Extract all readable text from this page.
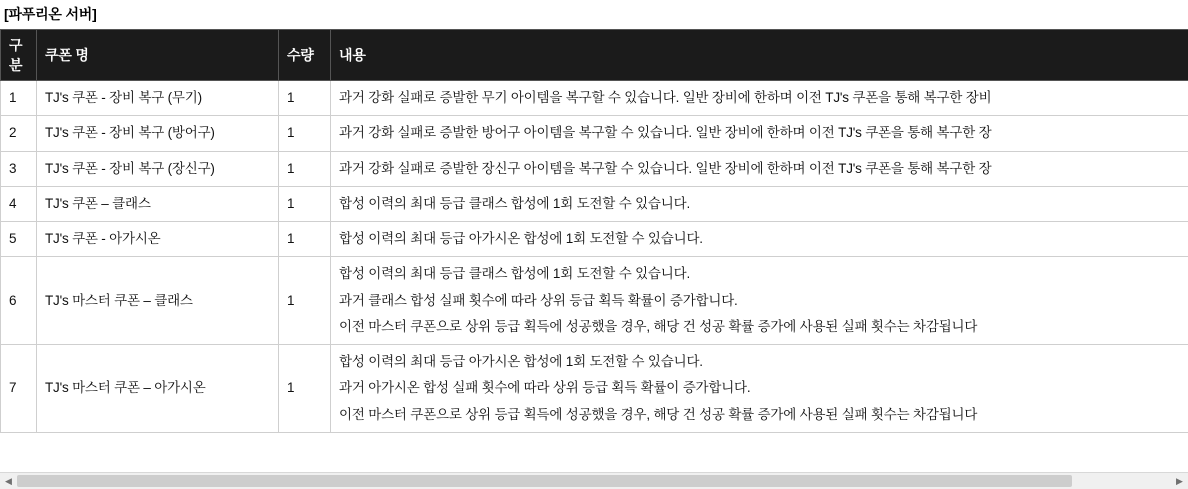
[파푸리온 서버]
구분	쿠폰 명	수량	내용
1	TJ's 쿠폰 - 장비 복구 (무기)	1	과거 강화 실패로 증발한 무기 아이템을 복구할 수 있습니다. 일반 장비에 한하며 이전 TJ's 쿠폰을 통해 복구한 장비

2	TJ's 쿠폰 - 장비 복구 (방어구)	1	과거 강화 실패로 증발한 방어구 아이템을 복구할 수 있습니다. 일반 장비에 한하며 이전 TJ's 쿠폰을 통해 복구한 장

3	TJ's 쿠폰 - 장비 복구 (장신구)	1	과거 강화 실패로 증발한 장신구 아이템을 복구할 수 있습니다. 일반 장비에 한하며 이전 TJ's 쿠폰을 통해 복구한 장

4	TJ's 쿠폰 – 클래스	1	합성 이력의 최대 등급 클래스 합성에 1회 도전할 수 있습니다.

5	TJ's 쿠폰 - 아가시온	1	합성 이력의 최대 등급 아가시온 합성에 1회 도전할 수 있습니다.

6	TJ's 마스터 쿠폰 – 클래스	1	합성 이력의 최대 등급 클래스 합성에 1회 도전할 수 있습니다.
과거 클래스 합성 실패 횟수에 따라 상위 등급 획득 확률이 증가합니다.
이전 마스터 쿠폰으로 상위 등급 획득에 성공했을 경우, 해당 건 성공 확률 증가에 사용된 실패 횟수는 차감됩니다

7	TJ's 마스터 쿠폰 – 아가시온	1	합성 이력의 최대 등급 아가시온 합성에 1회 도전할 수 있습니다.
과거 아가시온 합성 실패 횟수에 따라 상위 등급 획득 확률이 증가합니다.
이전 마스터 쿠폰으로 상위 등급 획득에 성공했을 경우, 해당 건 성공 확률 증가에 사용된 실패 횟수는 차감됩니다
◀	▶
